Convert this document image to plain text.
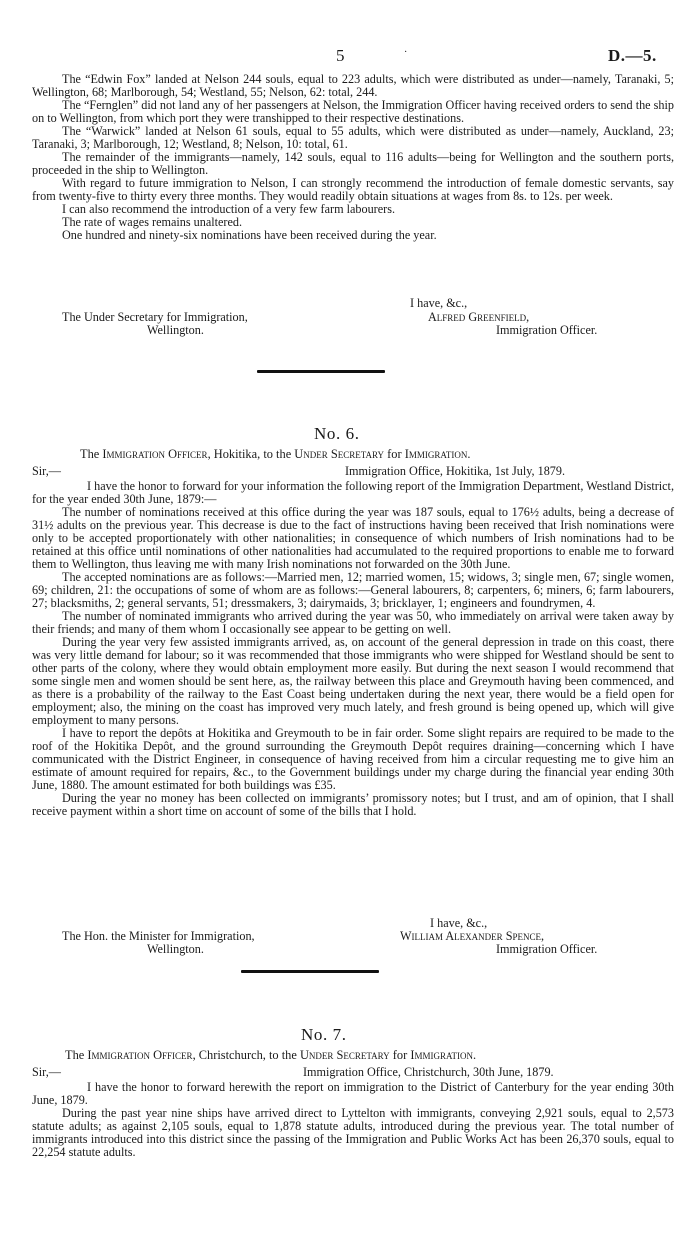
5	·	D.—5.

The “Edwin Fox” landed at Nelson 244 souls, equal to 223 adults, which were distributed as under—namely, Taranaki, 5; Wellington, 68; Marlborough, 54; Westland, 55; Nelson, 62: total, 244.

The “Fernglen” did not land any of her passengers at Nelson, the Immigration Officer having received orders to send the ship on to Wellington, from which port they were transhipped to their respective destinations.

The “Warwick” landed at Nelson 61 souls, equal to 55 adults, which were distributed as under—namely, Auckland, 23; Taranaki, 3; Marlborough, 12; Westland, 8; Nelson, 10: total, 61.

The remainder of the immigrants—namely, 142 souls, equal to 116 adults—being for Wellington and the southern ports, proceeded in the ship to Wellington.

With regard to future immigration to Nelson, I can strongly recommend the introduction of female domestic servants, say from twenty-five to thirty every three months. They would readily obtain situations at wages from 8s. to 12s. per week.

I can also recommend the introduction of a very few farm labourers.

The rate of wages remains unaltered.

One hundred and ninety-six nominations have been received during the year.

I have, &c.,
The Under Secretary for Immigration,	Alfred Greenfield,
Wellington.	Immigration Officer.
No. 6.
The Immigration Officer, Hokitika, to the Under Secretary for Immigration.
Sir,—	Immigration Office, Hokitika, 1st July, 1879.

I have the honor to forward for your information the following report of the Immigration Department, Westland District, for the year ended 30th June, 1879:—

The number of nominations received at this office during the year was 187 souls, equal to 176½ adults, being a decrease of 31½ adults on the previous year. This decrease is due to the fact of instructions having been received that Irish nominations were only to be accepted proportionately with other nationalities; in consequence of which numbers of Irish nominations had to be retained at this office until nominations of other nationalities had accumulated to the required proportions to enable me to forward them to Wellington, thus leaving me with many Irish nominations not forwarded on the 30th June.

The accepted nominations are as follows:—Married men, 12; married women, 15; widows, 3; single men, 67; single women, 69; children, 21: the occupations of some of whom are as follows:—General labourers, 8; carpenters, 6; miners, 6; farm labourers, 27; blacksmiths, 2; general servants, 51; dressmakers, 3; dairymaids, 3; bricklayer, 1; engineers and foundrymen, 4.

The number of nominated immigrants who arrived during the year was 50, who immediately on arrival were taken away by their friends; and many of them whom I occasionally see appear to be getting on well.

During the year very few assisted immigrants arrived, as, on account of the general depression in trade on this coast, there was very little demand for labour; so it was recommended that those immigrants who were shipped for Westland should be sent to other parts of the colony, where they would obtain employment more easily. But during the next season I would recommend that some single men and women should be sent here, as, the railway between this place and Greymouth having been commenced, and as there is a probability of the railway to the East Coast being undertaken during the next year, there would be a field open for employment; also, the mining on the coast has improved very much lately, and fresh ground is being opened up, which will give employment to many persons.

I have to report the depôts at Hokitika and Greymouth to be in fair order. Some slight repairs are required to be made to the roof of the Hokitika Depôt, and the ground surrounding the Greymouth Depôt requires draining—concerning which I have communicated with the District Engineer, in consequence of having received from him a circular requesting me to give him an estimate of amount required for repairs, &c., to the Government buildings under my charge during the financial year ending 30th June, 1880. The amount estimated for both buildings was £35.

During the year no money has been collected on immigrants’ promissory notes; but I trust, and am of opinion, that I shall receive payment within a short time on account of some of the bills that I hold.

I have, &c.,
The Hon. the Minister for Immigration,	William Alexander Spence,
Wellington.	Immigration Officer.
No. 7.
The Immigration Officer, Christchurch, to the Under Secretary for Immigration.
Sir,—	Immigration Office, Christchurch, 30th June, 1879.

I have the honor to forward herewith the report on immigration to the District of Canterbury for the year ending 30th June, 1879.

During the past year nine ships have arrived direct to Lyttelton with immigrants, conveying 2,921 souls, equal to 2,573 statute adults; as against 2,105 souls, equal to 1,878 statute adults, introduced during the previous year. The total number of immigrants introduced into this district since the passing of the Immigration and Public Works Act has been 26,370 souls, equal to 22,254 statute adults.
